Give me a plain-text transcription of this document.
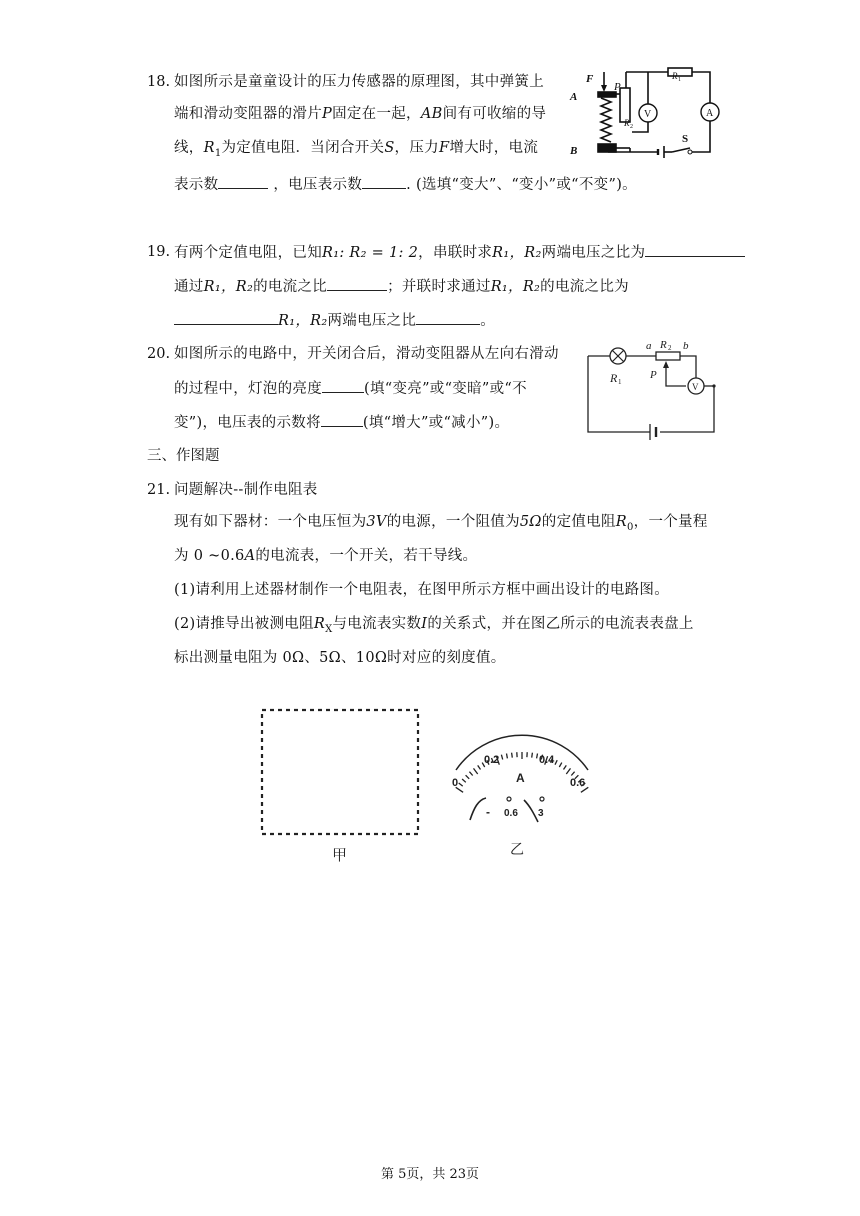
18. 如图所示是童童设计的压力传感器的原理图，其中弹簧上
端和滑动变阻器的滑片P固定在一起，AB间有可收缩的导
线，$R_1$为定值电阻．当闭合开关S，压力F增大时，电流
表示数	，电压表示数	. (选填“变大”、“变小”或“不变”)。
F
A
B
P
R 2
R 1
V	A
S
19. 有两个定值电阻，已知R₁: R₂ = 1: 2，串联时求R₁，R₂两端电压之比为
通过R₁，R₂的电流之比	；并联时求通过R₁，R₂的电流之比为
R₁，R₂两端电压之比	。
20. 如图所示的电路中，开关闭合后，滑动变阻器从左向右滑动
的过程中，灯泡的亮度	(填“变亮”或“变暗”或“不
变”)，电压表的示数将	(填“增大”或“减小”)。
a	b
R 2
R 1
P
V
三、作图题
21. 问题解决--制作电阻表
现有如下器材：一个电压恒为3V的电源，一个阻值为5Ω的定值电阻$R_0$，一个量程
为 0 ~0.6A的电流表，一个开关，若干导线。
(1)请利用上述器材制作一个电阻表，在图甲所示方框中画出设计的电路图。
(2)请推导出被测电阻$R_X$与电流表实数I的关系式，并在图乙所示的电流表表盘上
标出测量电阻为 0Ω、5Ω、10Ω时对应的刻度值。
甲
0
0.2	0.4
0.6
A
- 0.6 3
乙
第 5页，共 23页
